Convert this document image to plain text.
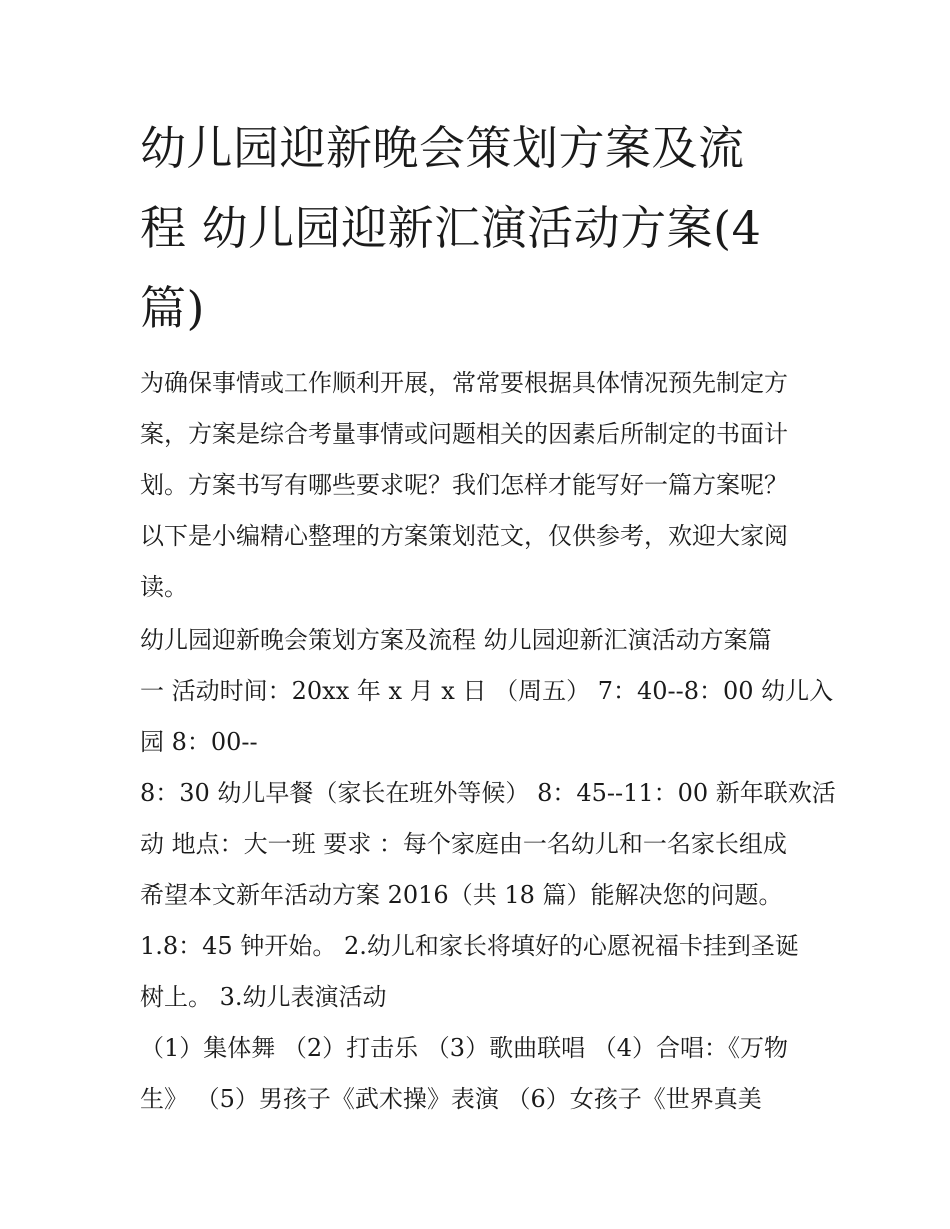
幼儿园迎新晚会策划方案及流
程 幼儿园迎新汇演活动方案(4
篇)

为确保事情或工作顺利开展，常常要根据具体情况预先制定方
案，方案是综合考量事情或问题相关的因素后所制定的书面计
划。方案书写有哪些要求呢？我们怎样才能写好一篇方案呢？
以下是小编精心整理的方案策划范文，仅供参考，欢迎大家阅
读。

幼儿园迎新晚会策划方案及流程 幼儿园迎新汇演活动方案篇
一 活动时间：20xx 年 x 月 x 日 （周五） 7：40--8：00 幼儿入
园 8：00--
8：30 幼儿早餐（家长在班外等候） 8：45--11：00 新年联欢活
动 地点：大一班 要求 ：每个家庭由一名幼儿和一名家长组成
希望本文新年活动方案 2016（共 18 篇）能解决您的问题。
1.8：45 钟开始。 2.幼儿和家长将填好的心愿祝福卡挂到圣诞
树上。 3.幼儿表演活动
（1）集体舞 （2）打击乐 （3）歌曲联唱 （4）合唱：《万物
生》 （5）男孩子《武术操》表演 （6）女孩子《世界真美
